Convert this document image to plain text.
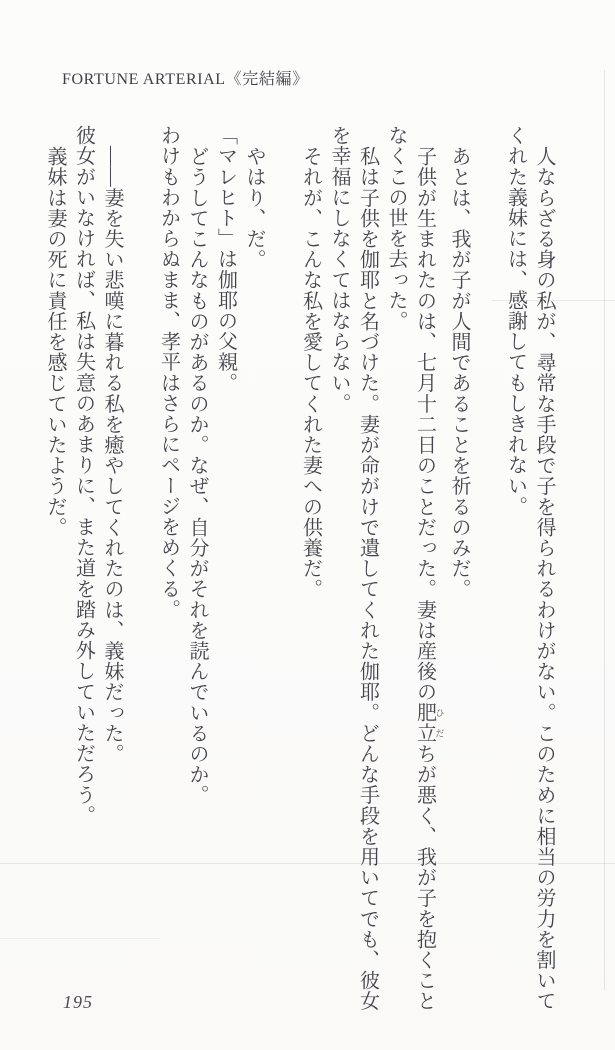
FORTUNE ARTERIAL《完結編》

人ならざる身の私が、尋常な手段で子を得られるわけがない。このために相当の労力を割いてくれた義妹には、感謝してもしきれない。

あとは、我が子が人間であることを祈るのみだ。

子供が生まれたのは、七月十二日のことだった。妻は産後の肥立 ひだちが悪く、我が子を抱くことなくこの世を去った。

私は子供を伽耶と名づけた。妻が命がけで遺してくれた伽耶。どんな手段を用いてでも、彼女を幸福にしなくてはならない。

それが、こんな私を愛してくれた妻への供養だ。

やはり、だ。

「マレヒト」は伽耶の父親。

どうしてこんなものがあるのか。なぜ、自分がそれを読んでいるのか。

わけもわからぬまま、孝平はさらにページをめくる。

――妻を失い悲嘆に暮れる私を癒やしてくれたのは、義妹だった。

彼女がいなければ、私は失意のあまりに、また道を踏み外していただろう。

義妹は妻の死に責任を感じていたようだ。

195
